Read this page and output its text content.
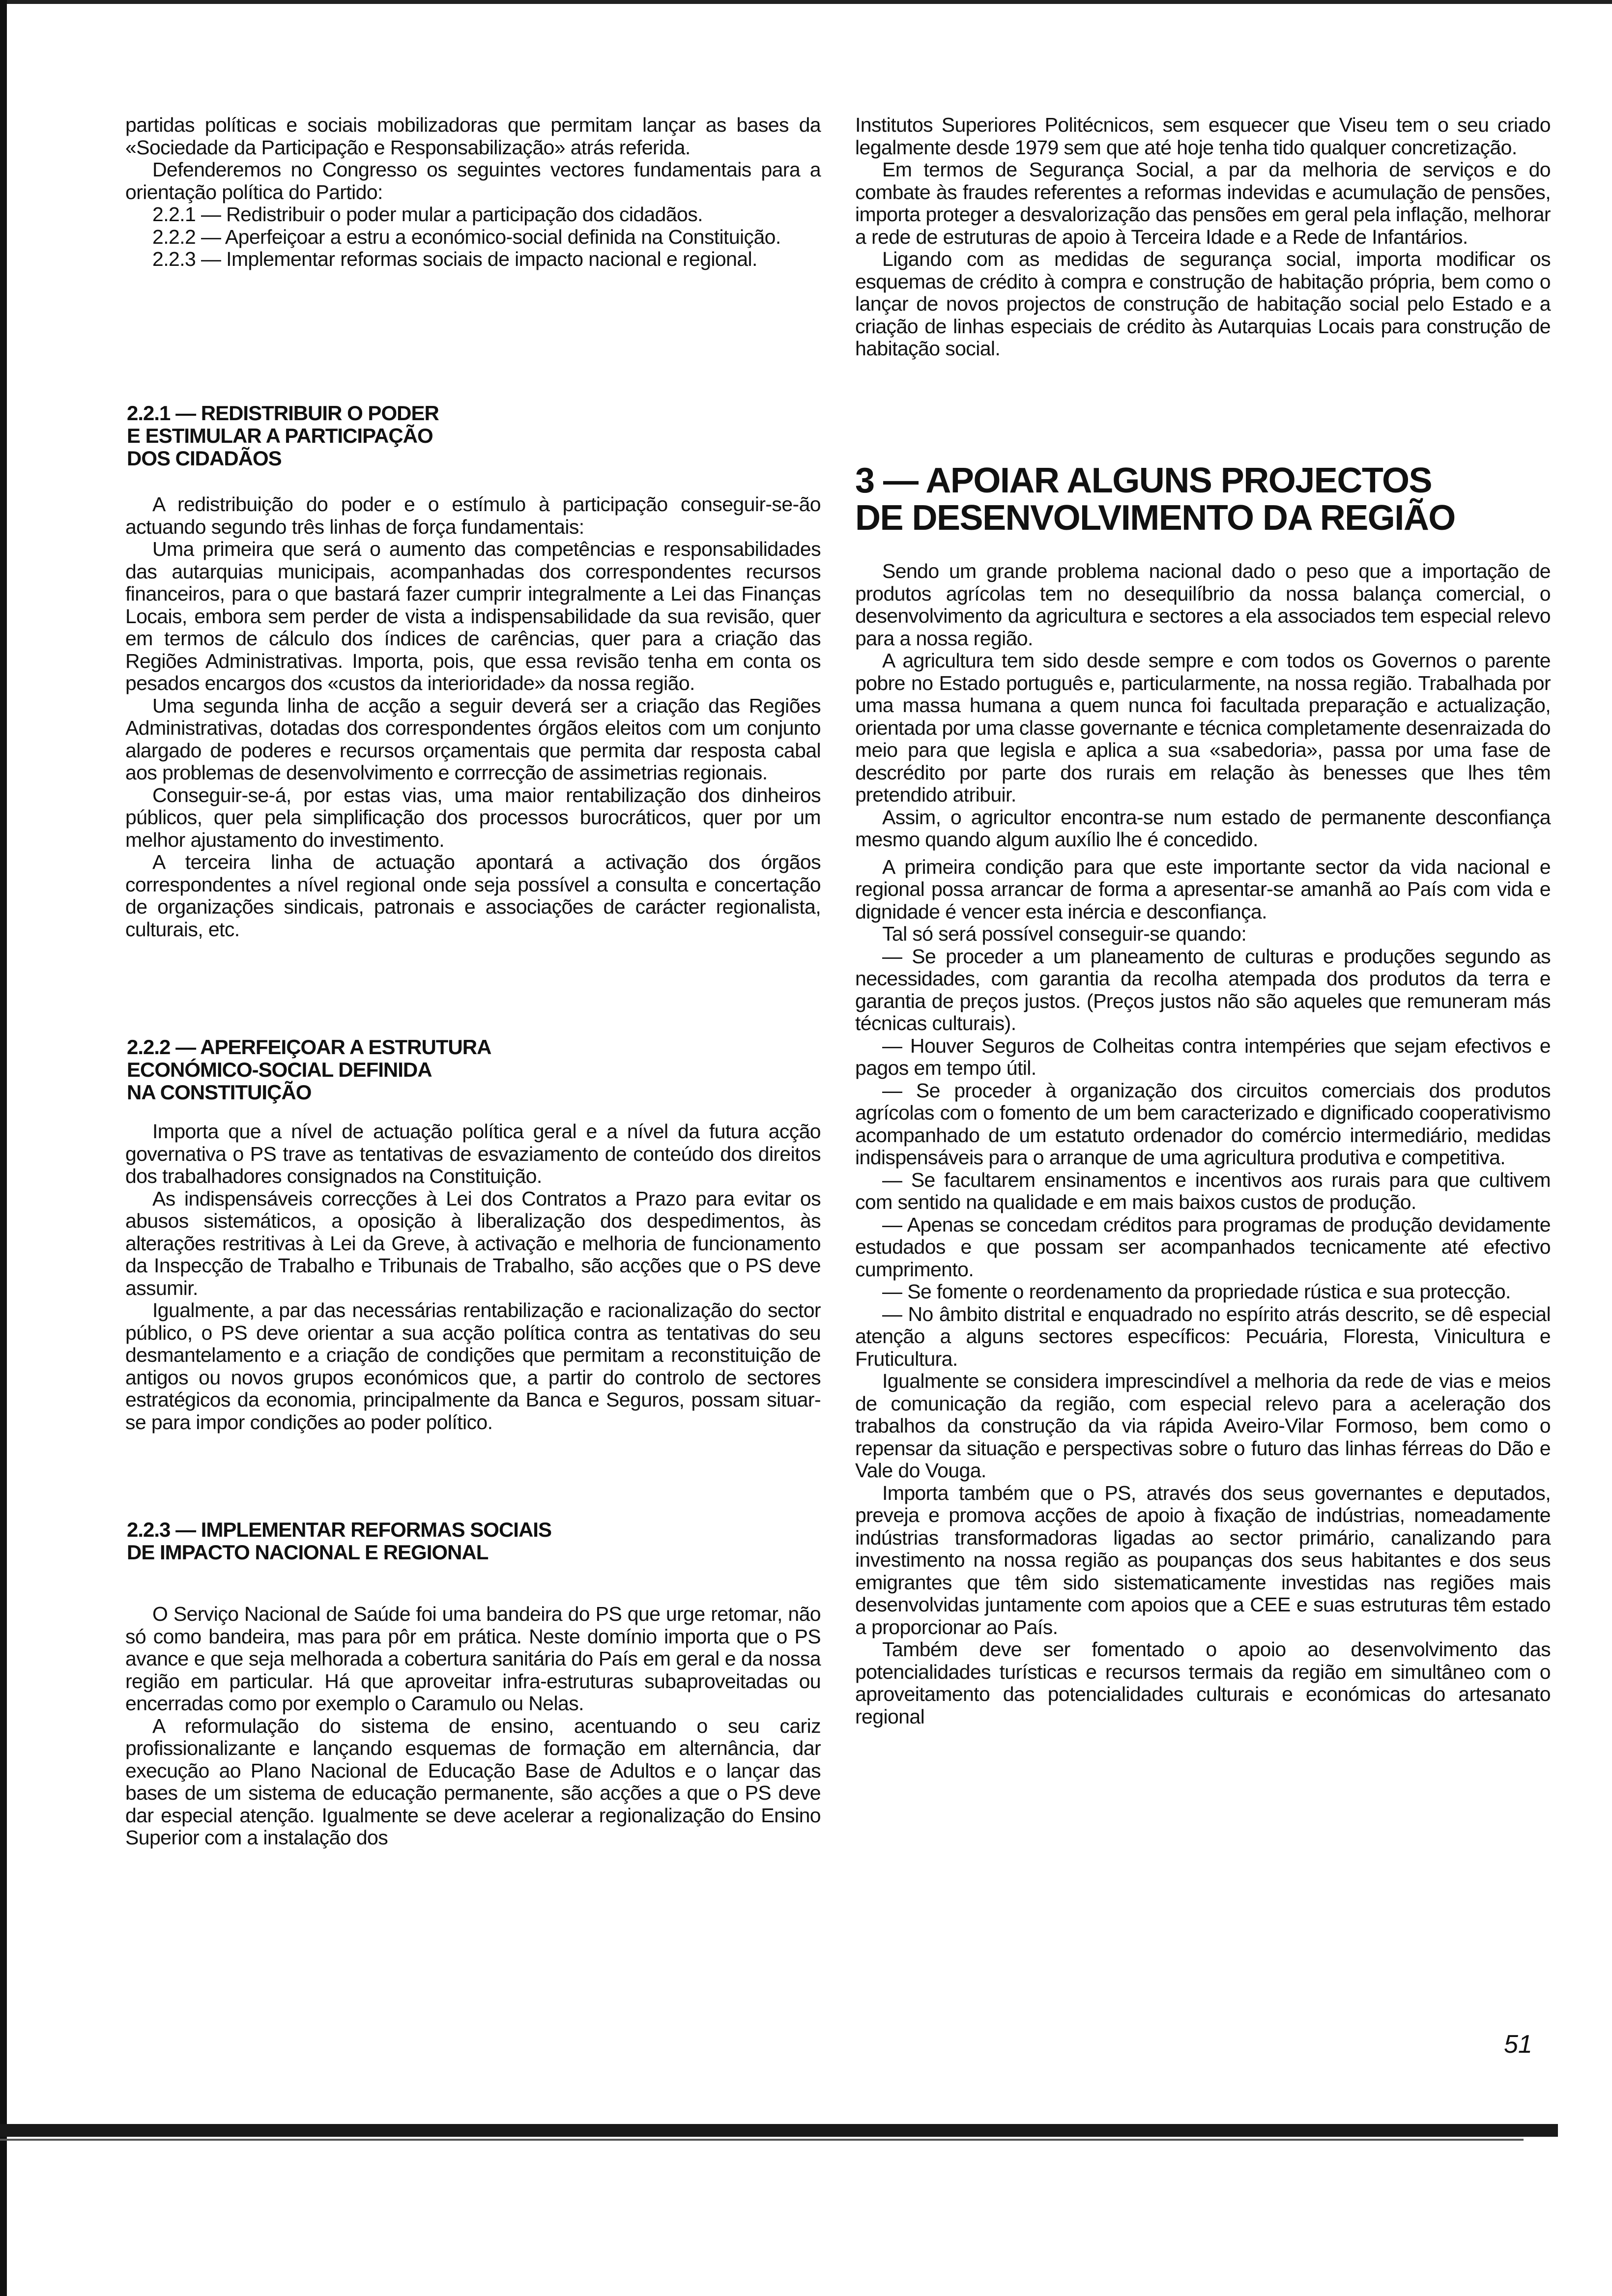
partidas políticas e sociais mobilizadoras que permitam lançar as bases da «Sociedade da Participação e Responsabilização» atrás referida.

Defenderemos no Congresso os seguintes vectores fundamentais para a orientação política do Partido:

2.2.1 — Redistribuir o poder mular a participação dos cidadãos.

2.2.2 — Aperfeiçoar a estru a económico-social definida na Constituição.

2.2.3 — Implementar reformas sociais de impacto nacional e regional.

2.2.1 — REDISTRIBUIR O PODER
E ESTIMULAR A PARTICIPAÇÃO
DOS CIDADÃOS

A redistribuição do poder e o estímulo à participação conseguir-se-ão actuando segundo três linhas de força fundamentais:

Uma primeira que será o aumento das competências e responsabilidades das autarquias municipais, acompanhadas dos correspondentes recursos financeiros, para o que bastará fazer cumprir integralmente a Lei das Finanças Locais, embora sem perder de vista a indispensabilidade da sua revisão, quer em termos de cálculo dos índices de carências, quer para a criação das Regiões Administrativas. Importa, pois, que essa revisão tenha em conta os pesados encargos dos «custos da interioridade» da nossa região.

Uma segunda linha de acção a seguir deverá ser a criação das Regiões Administrativas, dotadas dos correspondentes órgãos eleitos com um conjunto alargado de poderes e recursos orçamentais que permita dar resposta cabal aos problemas de desenvolvimento e corrrecção de assimetrias regionais.

Conseguir-se-á, por estas vias, uma maior rentabilização dos dinheiros públicos, quer pela simplificação dos processos burocráticos, quer por um melhor ajustamento do investimento.

A terceira linha de actuação apontará a activação dos órgãos correspondentes a nível regional onde seja possível a consulta e concertação de organizações sindicais, patronais e associações de carácter regionalista, culturais, etc.

2.2.2 — APERFEIÇOAR A ESTRUTURA
ECONÓMICO-SOCIAL DEFINIDA
NA CONSTITUIÇÃO

Importa que a nível de actuação política geral e a nível da futura acção governativa o PS trave as tentativas de esvaziamento de conteúdo dos direitos dos trabalhadores consignados na Constituição.

As indispensáveis correcções à Lei dos Contratos a Prazo para evitar os abusos sistemáticos, a oposição à liberalização dos despedimentos, às alterações restritivas à Lei da Greve, à activação e melhoria de funcionamento da Inspecção de Trabalho e Tribunais de Trabalho, são acções que o PS deve assumir.

Igualmente, a par das necessárias rentabilização e racionalização do sector público, o PS deve orientar a sua acção política contra as tentativas do seu desmantelamento e a criação de condições que permitam a reconstituição de antigos ou novos grupos económicos que, a partir do controlo de sectores estratégicos da economia, principalmente da Banca e Seguros, possam situar-se para impor condições ao poder político.

2.2.3 — IMPLEMENTAR REFORMAS SOCIAIS
DE IMPACTO NACIONAL E REGIONAL

O Serviço Nacional de Saúde foi uma bandeira do PS que urge retomar, não só como bandeira, mas para pôr em prática. Neste domínio importa que o PS avance e que seja melhorada a cobertura sanitária do País em geral e da nossa região em particular. Há que aproveitar infra-estruturas subaproveitadas ou encerradas como por exemplo o Caramulo ou Nelas.

A reformulação do sistema de ensino, acentuando o seu cariz profissionalizante e lançando esquemas de formação em alternância, dar execução ao Plano Nacional de Educação Base de Adultos e o lançar das bases de um sistema de educação permanente, são acções a que o PS deve dar especial atenção. Igualmente se deve acelerar a regionalização do Ensino Superior com a instalação dos

Institutos Superiores Politécnicos, sem esquecer que Viseu tem o seu criado legalmente desde 1979 sem que até hoje tenha tido qualquer concretização.

Em termos de Segurança Social, a par da melhoria de serviços e do combate às fraudes referentes a reformas indevidas e acumulação de pensões, importa proteger a desvalorização das pensões em geral pela inflação, melhorar a rede de estruturas de apoio à Terceira Idade e a Rede de Infantários.

Ligando com as medidas de segurança social, importa modificar os esquemas de crédito à compra e construção de habitação própria, bem como o lançar de novos projectos de construção de habitação social pelo Estado e a criação de linhas especiais de crédito às Autarquias Locais para construção de habitação social.

3 — APOIAR ALGUNS PROJECTOS
DE DESENVOLVIMENTO DA REGIÃO

Sendo um grande problema nacional dado o peso que a importação de produtos agrícolas tem no desequilíbrio da nossa balança comercial, o desenvolvimento da agricultura e sectores a ela associados tem especial relevo para a nossa região.

A agricultura tem sido desde sempre e com todos os Governos o parente pobre no Estado português e, particularmente, na nossa região. Trabalhada por uma massa humana a quem nunca foi facultada preparação e actualização, orientada por uma classe governante e técnica completamente desenraizada do meio para que legisla e aplica a sua «sabedoria», passa por uma fase de descrédito por parte dos rurais em relação às benesses que lhes têm pretendido atribuir.

Assim, o agricultor encontra-se num estado de permanente desconfiança mesmo quando algum auxílio lhe é concedido.

A primeira condição para que este importante sector da vida nacional e regional possa arrancar de forma a apresentar-se amanhã ao País com vida e dignidade é vencer esta inércia e desconfiança.

Tal só será possível conseguir-se quando:

— Se proceder a um planeamento de culturas e produções segundo as necessidades, com garantia da recolha atempada dos produtos da terra e garantia de preços justos. (Preços justos não são aqueles que remuneram más técnicas culturais).

— Houver Seguros de Colheitas contra intempéries que sejam efectivos e pagos em tempo útil.

— Se proceder à organização dos circuitos comerciais dos produtos agrícolas com o fomento de um bem caracterizado e dignificado cooperativismo acompanhado de um estatuto ordenador do comércio intermediário, medidas indispensáveis para o arranque de uma agricultura produtiva e competitiva.

— Se facultarem ensinamentos e incentivos aos rurais para que cultivem com sentido na qualidade e em mais baixos custos de produção.

— Apenas se concedam créditos para programas de produção devidamente estudados e que possam ser acompanhados tecnicamente até efectivo cumprimento.

— Se fomente o reordenamento da propriedade rústica e sua protecção.

— No âmbito distrital e enquadrado no espírito atrás descrito, se dê especial atenção a alguns sectores específicos: Pecuária, Floresta, Vinicultura e Fruticultura.

Igualmente se considera imprescindível a melhoria da rede de vias e meios de comunicação da região, com especial relevo para a aceleração dos trabalhos da construção da via rápida Aveiro-Vilar Formoso, bem como o repensar da situação e perspectivas sobre o futuro das linhas férreas do Dão e Vale do Vouga.

Importa também que o PS, através dos seus governantes e deputados, preveja e promova acções de apoio à fixação de indústrias, nomeadamente indústrias transformadoras ligadas ao sector primário, canalizando para investimento na nossa região as poupanças dos seus habitantes e dos seus emigrantes que têm sido sistematicamente investidas nas regiões mais desenvolvidas juntamente com apoios que a CEE e suas estruturas têm estado a proporcionar ao País.

Também deve ser fomentado o apoio ao desenvolvimento das potencialidades turísticas e recursos termais da região em simultâneo com o aproveitamento das potencialidades culturais e económicas do artesanato regional

51
